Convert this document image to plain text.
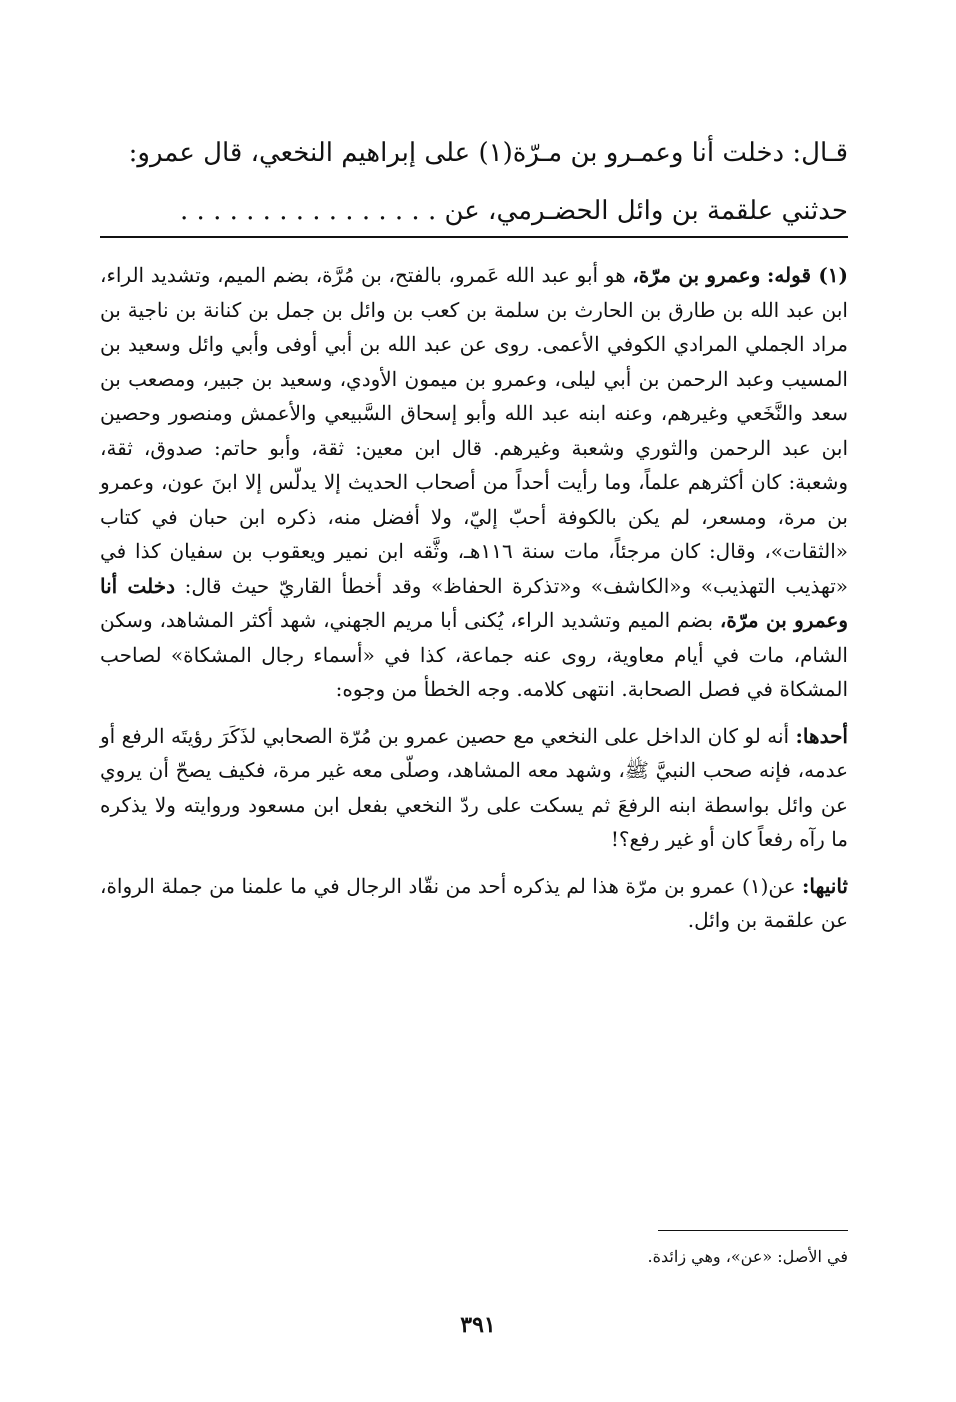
قـال: دخلت أنا وعمـرو بن مـرّة(١) على إبراهيم النخعي، قال عمرو:

حدثني علقمة بن وائل الحضـرمي، عن . . . . . . . . . . . . . . . .

(١) قوله: وعمرو بن مرّة، هو أبو عبد الله عَمرو، بالفتح، بن مُرَّة، بضم الميم، وتشديد الراء، ابن عبد الله بن طارق بن الحارث بن سلمة بن كعب بن وائل بن جمل بن كنانة بن ناجية بن مراد الجملي المرادي الكوفي الأعمى. روى عن عبد الله بن أبي أوفى وأبي وائل وسعيد بن المسيب وعبد الرحمن بن أبي ليلى، وعمرو بن ميمون الأودي، وسعيد بن جبير، ومصعب بن سعد والنَّخَعي وغيرهم، وعنه ابنه عبد الله وأبو إسحاق السَّبيعي والأعمش ومنصور وحصين ابن عبد الرحمن والثوري وشعبة وغيرهم. قال ابن معين: ثقة، وأبو حاتم: صدوق، ثقة، وشعبة: كان أكثرهم علماً، وما رأيت أحداً من أصحاب الحديث إلا يدلّس إلا ابنَ عون، وعمرو بن مرة، ومسعر، لم يكن بالكوفة أحبّ إليّ، ولا أفضل منه، ذكره ابن حبان في كتاب «الثقات»، وقال: كان مرجئاً، مات سنة ١١٦هـ، وثَّقه ابن نمير ويعقوب بن سفيان كذا في «تهذيب التهذيب» و«الكاشف» و«تذكرة الحفاظ» وقد أخطأ القاريّ حيث قال: دخلت أنا وعمرو بن مرّة، بضم الميم وتشديد الراء، يُكنى أبا مريم الجهني، شهد أكثر المشاهد، وسكن الشام، مات في أيام معاوية، روى عنه جماعة، كذا في «أسماء رجال المشكاة» لصاحب المشكاة في فصل الصحابة. انتهى كلامه. وجه الخطأ من وجوه:

أحدها: أنه لو كان الداخل على النخعي مع حصين عمرو بن مُرّة الصحابي لذَكَرَ رؤيتَه الرفع أو عدمه، فإنه صحب النبيَّ ﷺ، وشهد معه المشاهد، وصلّى معه غير مرة، فكيف يصحّ أن يروي عن وائل بواسطة ابنه الرفعَ ثم يسكت على ردّ النخعي بفعل ابن مسعود وروايته ولا يذكره ما رآه رفعاً كان أو غير رفع؟!

ثانيها: عن(١) عمرو بن مرّة هذا لم يذكره أحد من نقّاد الرجال في ما علمنا من جملة الرواة، عن علقمة بن وائل.

في الأصل: «عن»، وهي زائدة.
٣٩١
